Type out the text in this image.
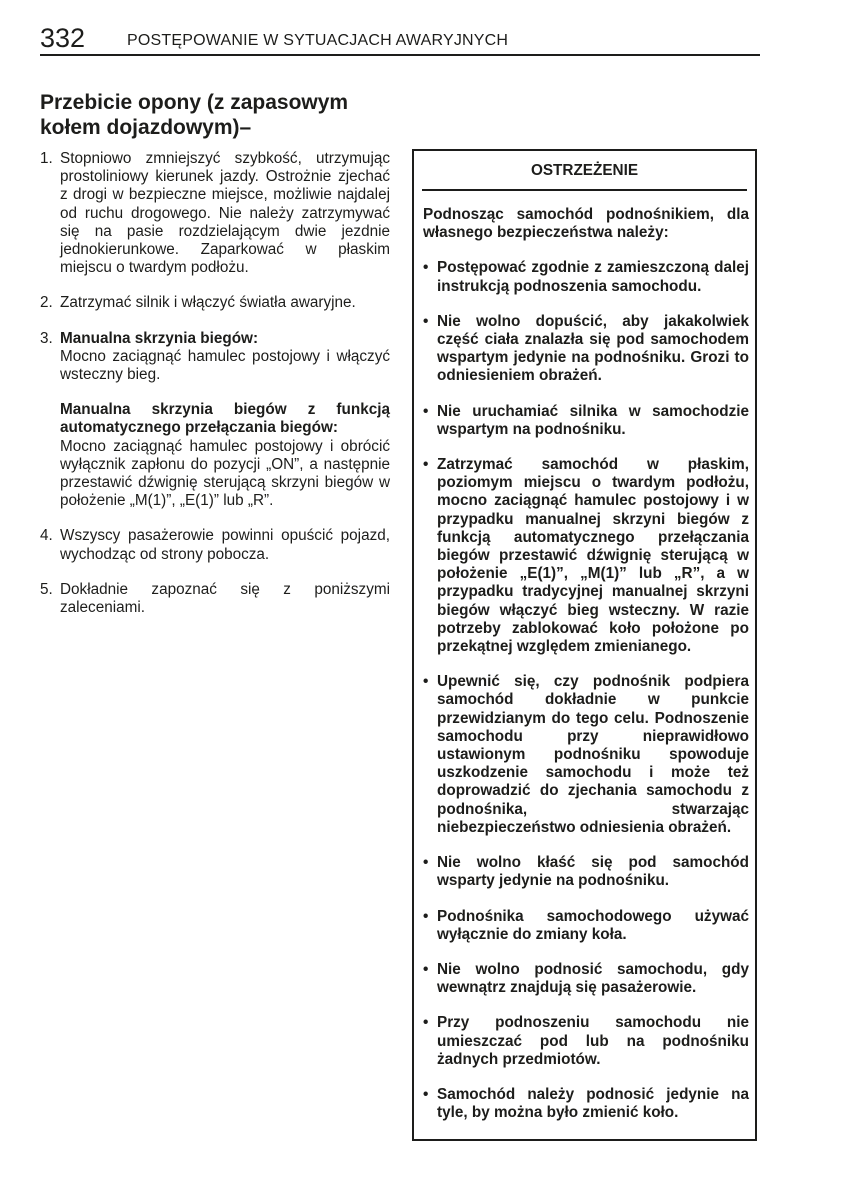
332	POSTĘPOWANIE W SYTUACJACH AWARYJNYCH
Przebicie opony (z zapasowym kołem dojazdowym)–
1. Stopniowo zmniejszyć szybkość, utrzymując prostoliniowy kierunek jazdy. Ostrożnie zjechać z drogi w bezpieczne miejsce, możliwie najdalej od ruchu drogowego. Nie należy zatrzymywać się na pasie rozdzielającym dwie jezdnie jednokierunkowe. Zaparkować w płaskim miejscu o twardym podłożu.

2. Zatrzymać silnik i włączyć światła awaryjne.

3. Manualna skrzynia biegów:

Mocno zaciągnąć hamulec postojowy i włączyć wsteczny bieg.

Manualna skrzynia biegów z funkcją automatycznego przełączania biegów:

Mocno zaciągnąć hamulec postojowy i obrócić wyłącznik zapłonu do pozycji „ON”, a następnie przestawić dźwignię sterującą skrzyni biegów w położenie „M(1)”, „E(1)” lub „R”.

4. Wszyscy pasażerowie powinni opuścić pojazd, wychodząc od strony pobocza.

5. Dokładnie zapoznać się z poniższymi zaleceniami.

OSTRZEŻENIE

Podnosząc samochód podnośnikiem, dla własnego bezpieczeństwa należy:

• Postępować zgodnie z zamieszczoną dalej instrukcją podnoszenia samochodu.
• Nie wolno dopuścić, aby jakakolwiek część ciała znalazła się pod samochodem wspartym jedynie na podnośniku. Grozi to odniesieniem obrażeń.
• Nie uruchamiać silnika w samochodzie wspartym na podnośniku.
• Zatrzymać samochód w płaskim, poziomym miejscu o twardym podłożu, mocno zaciągnąć hamulec postojowy i w przypadku manualnej skrzyni biegów z funkcją automatycznego przełączania biegów przestawić dźwignię sterującą w położenie „E(1)”, „M(1)” lub „R”, a w przypadku tradycyjnej manualnej skrzyni biegów włączyć bieg wsteczny. W razie potrzeby zablokować koło położone po przekątnej względem zmienianego.
• Upewnić się, czy podnośnik podpiera samochód dokładnie w punkcie przewidzianym do tego celu. Podnoszenie samochodu przy nieprawidłowo ustawionym podnośniku spowoduje uszkodzenie samochodu i może też doprowadzić do zjechania samochodu z podnośnika, stwarzając niebezpieczeństwo odniesienia obrażeń.
• Nie wolno kłaść się pod samochód wsparty jedynie na podnośniku.
• Podnośnika samochodowego używać wyłącznie do zmiany koła.
• Nie wolno podnosić samochodu, gdy wewnątrz znajdują się pasażerowie.
• Przy podnoszeniu samochodu nie umieszczać pod lub na podnośniku żadnych przedmiotów.
• Samochód należy podnosić jedynie na tyle, by można było zmienić koło.
